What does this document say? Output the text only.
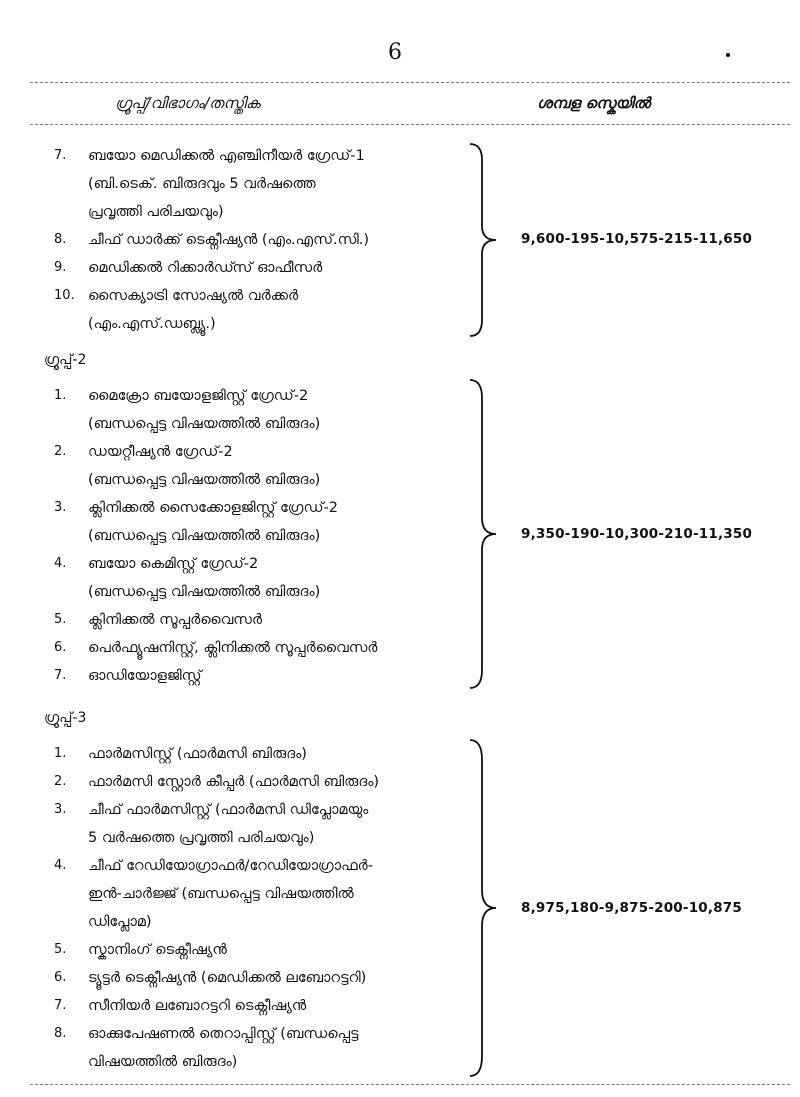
6
ഗ്രൂപ്പ്/വിഭാഗം/തസ്തിക	ശമ്പള സ്കെയിൽ
7.	ബയോ മെഡിക്കൽ എഞ്ചിനീയർ ഗ്രേഡ്-1
(ബി.ടെക്. ബിരുദവും 5 വർഷത്തെ
പ്രവൃത്തി പരിചയവും)
8.	ചീഫ് ഡാർക്ക് ടെക്നീഷ്യൻ (എം.എസ്.സി.)
9.	മെഡിക്കൽ റിക്കാർഡ്സ് ഓഫീസർ
10. സൈക്യാട്രി സോഷ്യൽ വർക്കർ
(എം.എസ്.ഡബ്ല്യൂ.)
9,600-195-10,575-215-11,650
ഗ്രൂപ്പ്-2
1.	മൈക്രോ ബയോളജിസ്റ്റ് ഗ്രേഡ്-2
(ബന്ധപ്പെട്ട വിഷയത്തിൽ ബിരുദം)
2.	ഡയറ്റീഷ്യൻ ഗ്രേഡ്-2
(ബന്ധപ്പെട്ട വിഷയത്തിൽ ബിരുദം)
3.	ക്ലിനിക്കൽ സൈക്കോളജിസ്റ്റ് ഗ്രേഡ്-2
(ബന്ധപ്പെട്ട വിഷയത്തിൽ ബിരുദം)
4.	ബയോ കെമിസ്റ്റ് ഗ്രേഡ്-2
(ബന്ധപ്പെട്ട വിഷയത്തിൽ ബിരുദം)
5.	ക്ലിനിക്കൽ സൂപ്പർവൈസർ
6.	പെർഫ്യൂഷനിസ്റ്റ്, ക്ലിനിക്കൽ സൂപ്പർവൈസർ
7.	ഓഡിയോളജിസ്റ്റ്
9,350-190-10,300-210-11,350
ഗ്രൂപ്പ്-3
1.	ഫാർമസിസ്റ്റ് (ഫാർമസി ബിരുദം)
2.	ഫാർമസി സ്റ്റോർ കീപ്പർ (ഫാർമസി ബിരുദം)
3.	ചീഫ് ഫാർമസിസ്റ്റ് (ഫാർമസി ഡിപ്ലോമയും
5 വർഷത്തെ പ്രവൃത്തി പരിചയവും)
4.	ചീഫ് റേഡിയോഗ്രാഫർ/റേഡിയോഗ്രാഫർ-
ഇൻ-ചാർജ്ജ് (ബന്ധപ്പെട്ട വിഷയത്തിൽ
ഡിപ്ലോമ)
5.	സ്കാനിംഗ് ടെക്നീഷ്യൻ
6.	ട്യൂട്ടർ ടെക്നീഷ്യൻ (മെഡിക്കൽ ലബോറട്ടറി)
7.	സീനിയർ ലബോറട്ടറി ടെക്നീഷ്യൻ
8.	ഓക്കുപേഷണൽ തെറാപ്പിസ്റ്റ് (ബന്ധപ്പെട്ട
വിഷയത്തിൽ ബിരുദം)
8,975,180-9,875-200-10,875
